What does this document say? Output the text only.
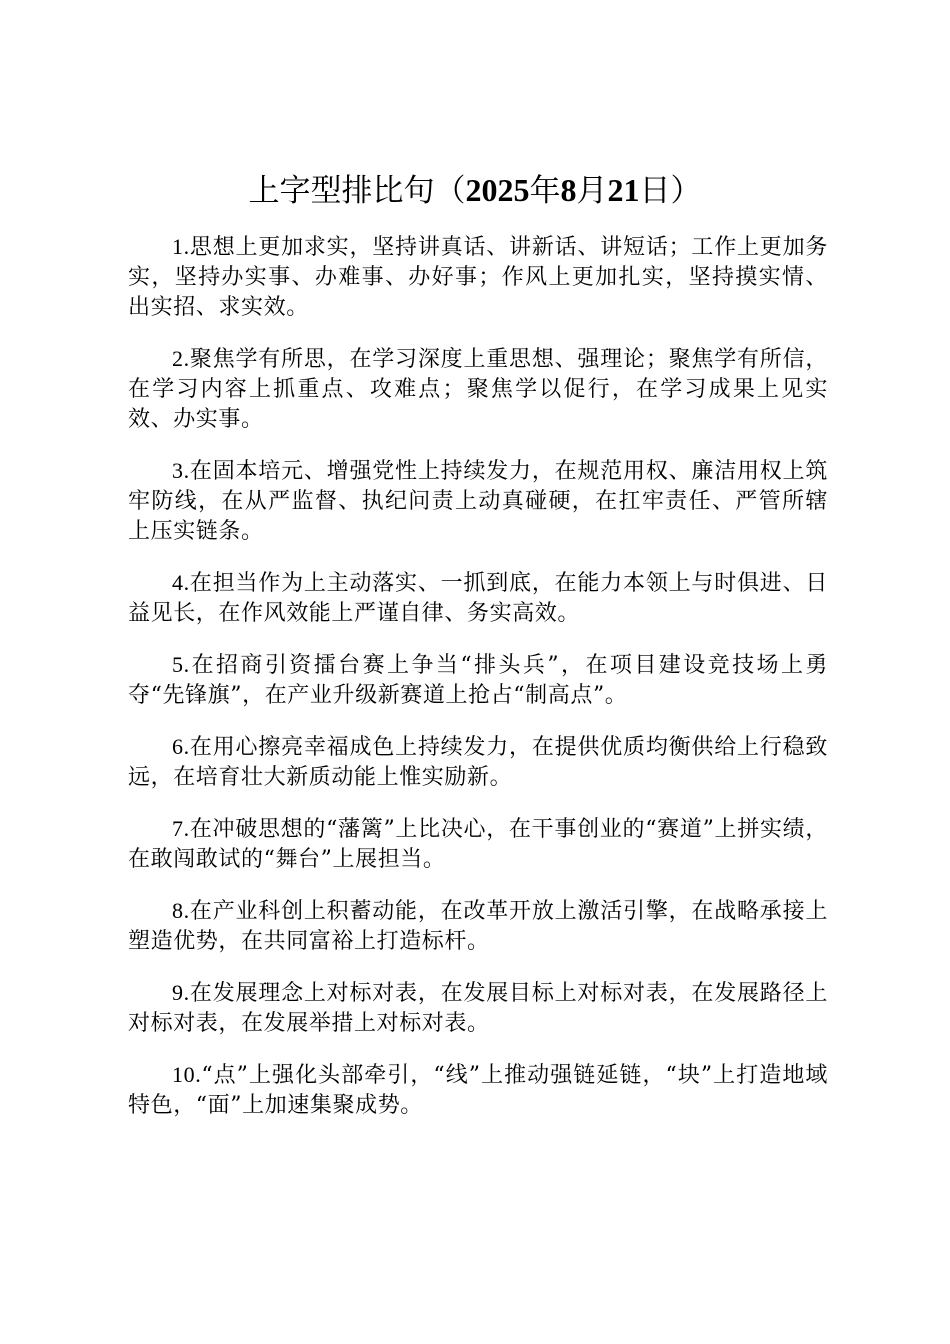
上字型排比句（2025年8月21日）

1.思想上更加求实，坚持讲真话、讲新话、讲短话；工作上更加务实，坚持办实事、办难事、办好事；作风上更加扎实，坚持摸实情、出实招、求实效。

2.聚焦学有所思，在学习深度上重思想、强理论；聚焦学有所信，在学习内容上抓重点、攻难点；聚焦学以促行，在学习成果上见实效、办实事。

3.在固本培元、增强党性上持续发力，在规范用权、廉洁用权上筑牢防线，在从严监督、执纪问责上动真碰硬，在扛牢责任、严管所辖上压实链条。

4.在担当作为上主动落实、一抓到底，在能力本领上与时俱进、日益见长，在作风效能上严谨自律、务实高效。

5.在招商引资擂台赛上争当“排头兵”，在项目建设竞技场上勇夺“先锋旗”，在产业升级新赛道上抢占“制高点”。

6.在用心擦亮幸福成色上持续发力，在提供优质均衡供给上行稳致远，在培育壮大新质动能上惟实励新。

7.在冲破思想的“藩篱”上比决心，在干事创业的“赛道”上拼实绩，在敢闯敢试的“舞台”上展担当。

8.在产业科创上积蓄动能，在改革开放上激活引擎，在战略承接上塑造优势，在共同富裕上打造标杆。

9.在发展理念上对标对表，在发展目标上对标对表，在发展路径上对标对表，在发展举措上对标对表。

10.“点”上强化头部牵引，“线”上推动强链延链，“块”上打造地域特色，“面”上加速集聚成势。
